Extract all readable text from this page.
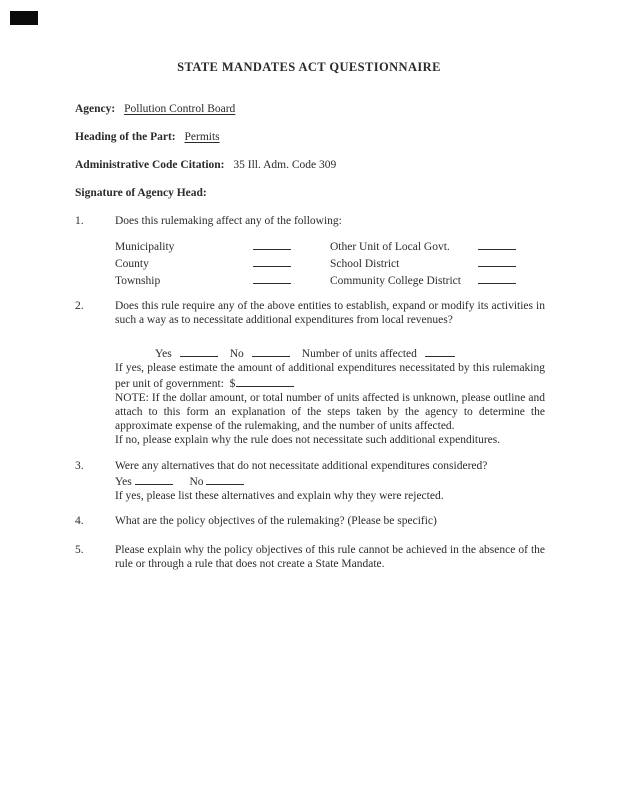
STATE MANDATES ACT QUESTIONNAIRE
Agency: Pollution Control Board
Heading of the Part: Permits
Administrative Code Citation: 35 Ill. Adm. Code 309
Signature of Agency Head:
1.	Does this rulemaking affect any of the following:
Municipality	Other Unit of Local Govt.
County	School District
Township	Community College District
2.	Does this rule require any of the above entities to establish, expand or modify its activities in such a way as to necessitate additional expenditures from local revenues?

Yes	No	Number of units affected

If yes, please estimate the amount of additional expenditures necessitated by this rulemaking per unit of government: $

NOTE: If the dollar amount, or total number of units affected is unknown, please outline and attach to this form an explanation of the steps taken by the agency to determine the approximate expense of the rulemaking, and the number of units affected.

If no, please explain why the rule does not necessitate such additional expenditures.

3.	Were any alternatives that do not necessitate additional expenditures considered?

Yes	No

If yes, please list these alternatives and explain why they were rejected.

4.	What are the policy objectives of the rulemaking? (Please be specific)
5.	Please explain why the policy objectives of this rule cannot be achieved in the absence of the rule or through a rule that does not create a State Mandate.
